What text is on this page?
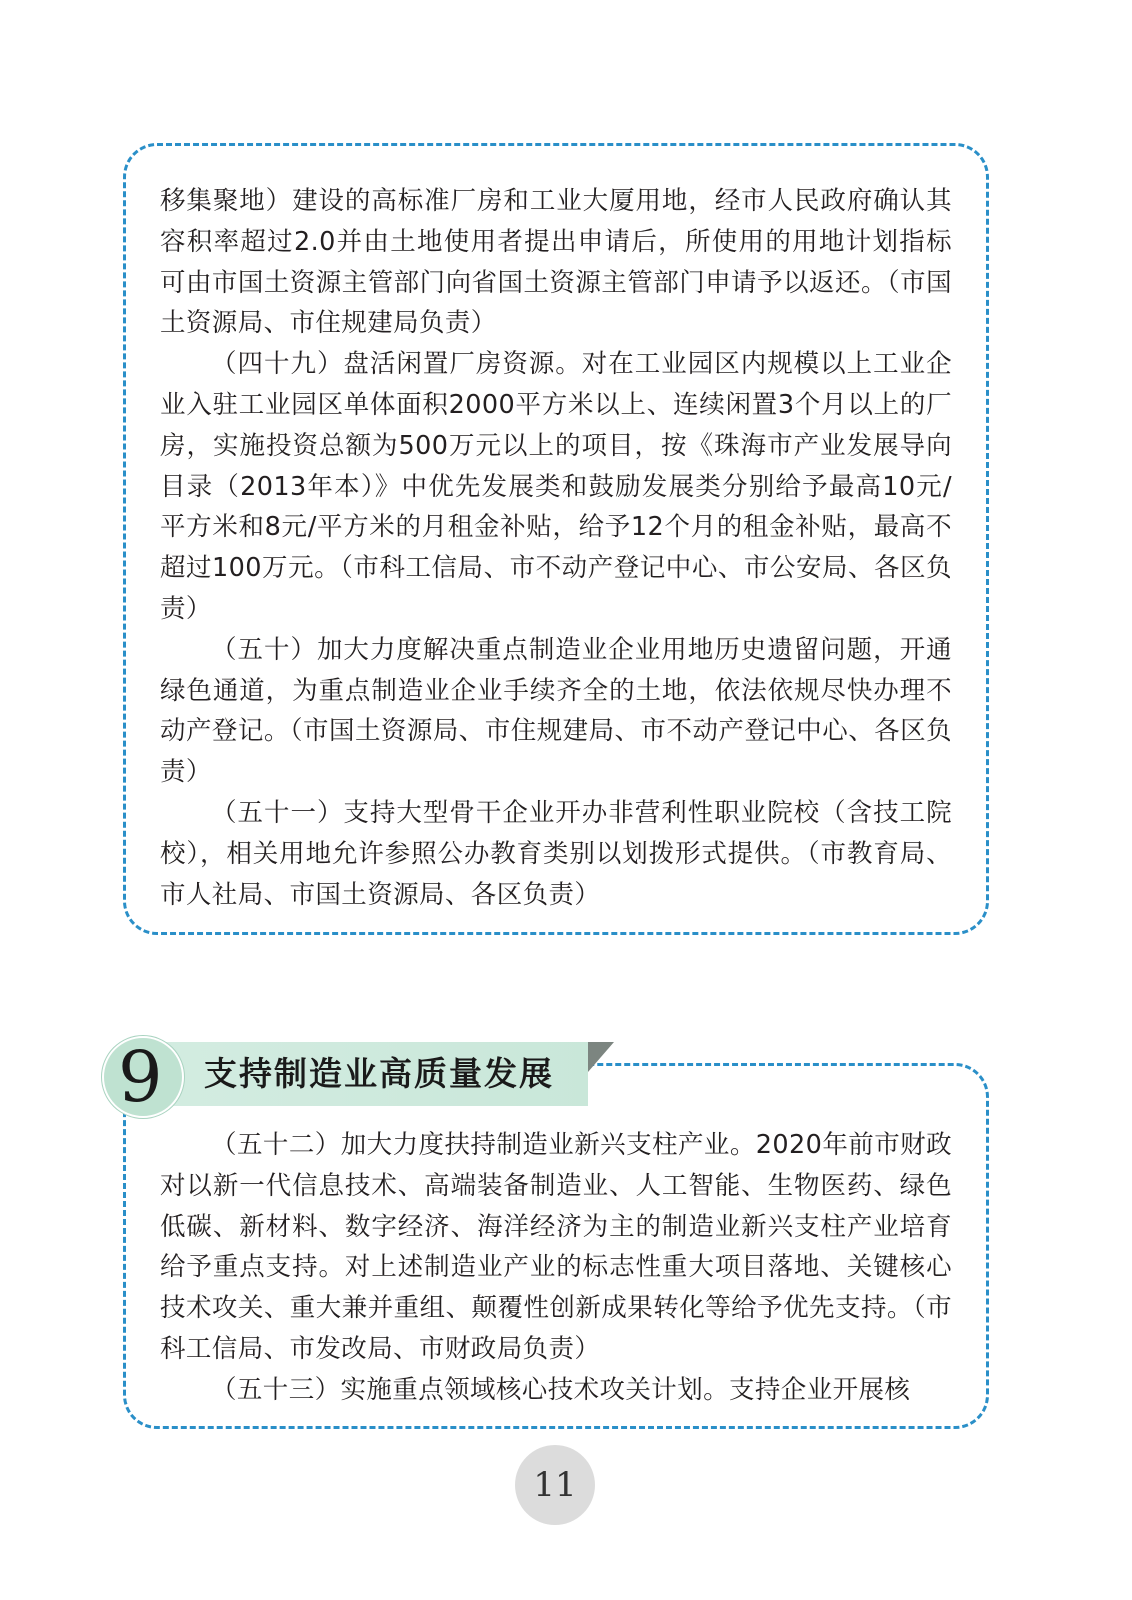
移集聚地）建设的高标准厂房和工业大厦用地，经市人民政府确认其容积率超过2.0并由土地使用者提出申请后，所使用的用地计划指标可由市国土资源主管部门向省国土资源主管部门申请予以返还。（市国土资源局、市住规建局负责）

（四十九）盘活闲置厂房资源。对在工业园区内规模以上工业企业入驻工业园区单体面积2000平方米以上、连续闲置3个月以上的厂房，实施投资总额为500万元以上的项目，按《珠海市产业发展导向目录（2013年本）》中优先发展类和鼓励发展类分别给予最高10元/平方米和8元/平方米的月租金补贴，给予12个月的租金补贴，最高不超过100万元。（市科工信局、市不动产登记中心、市公安局、各区负责）

（五十）加大力度解决重点制造业企业用地历史遗留问题，开通绿色通道，为重点制造业企业手续齐全的土地，依法依规尽快办理不动产登记。（市国土资源局、市住规建局、市不动产登记中心、各区负责）

（五十一）支持大型骨干企业开办非营利性职业院校（含技工院校），相关用地允许参照公办教育类别以划拨形式提供。（市教育局、市人社局、市国土资源局、各区负责）

9 支持制造业高质量发展

（五十二）加大力度扶持制造业新兴支柱产业。2020年前市财政对以新一代信息技术、高端装备制造业、人工智能、生物医药、绿色低碳、新材料、数字经济、海洋经济为主的制造业新兴支柱产业培育给予重点支持。对上述制造业产业的标志性重大项目落地、关键核心技术攻关、重大兼并重组、颠覆性创新成果转化等给予优先支持。（市科工信局、市发改局、市财政局负责）

（五十三）实施重点领域核心技术攻关计划。支持企业开展核

11
